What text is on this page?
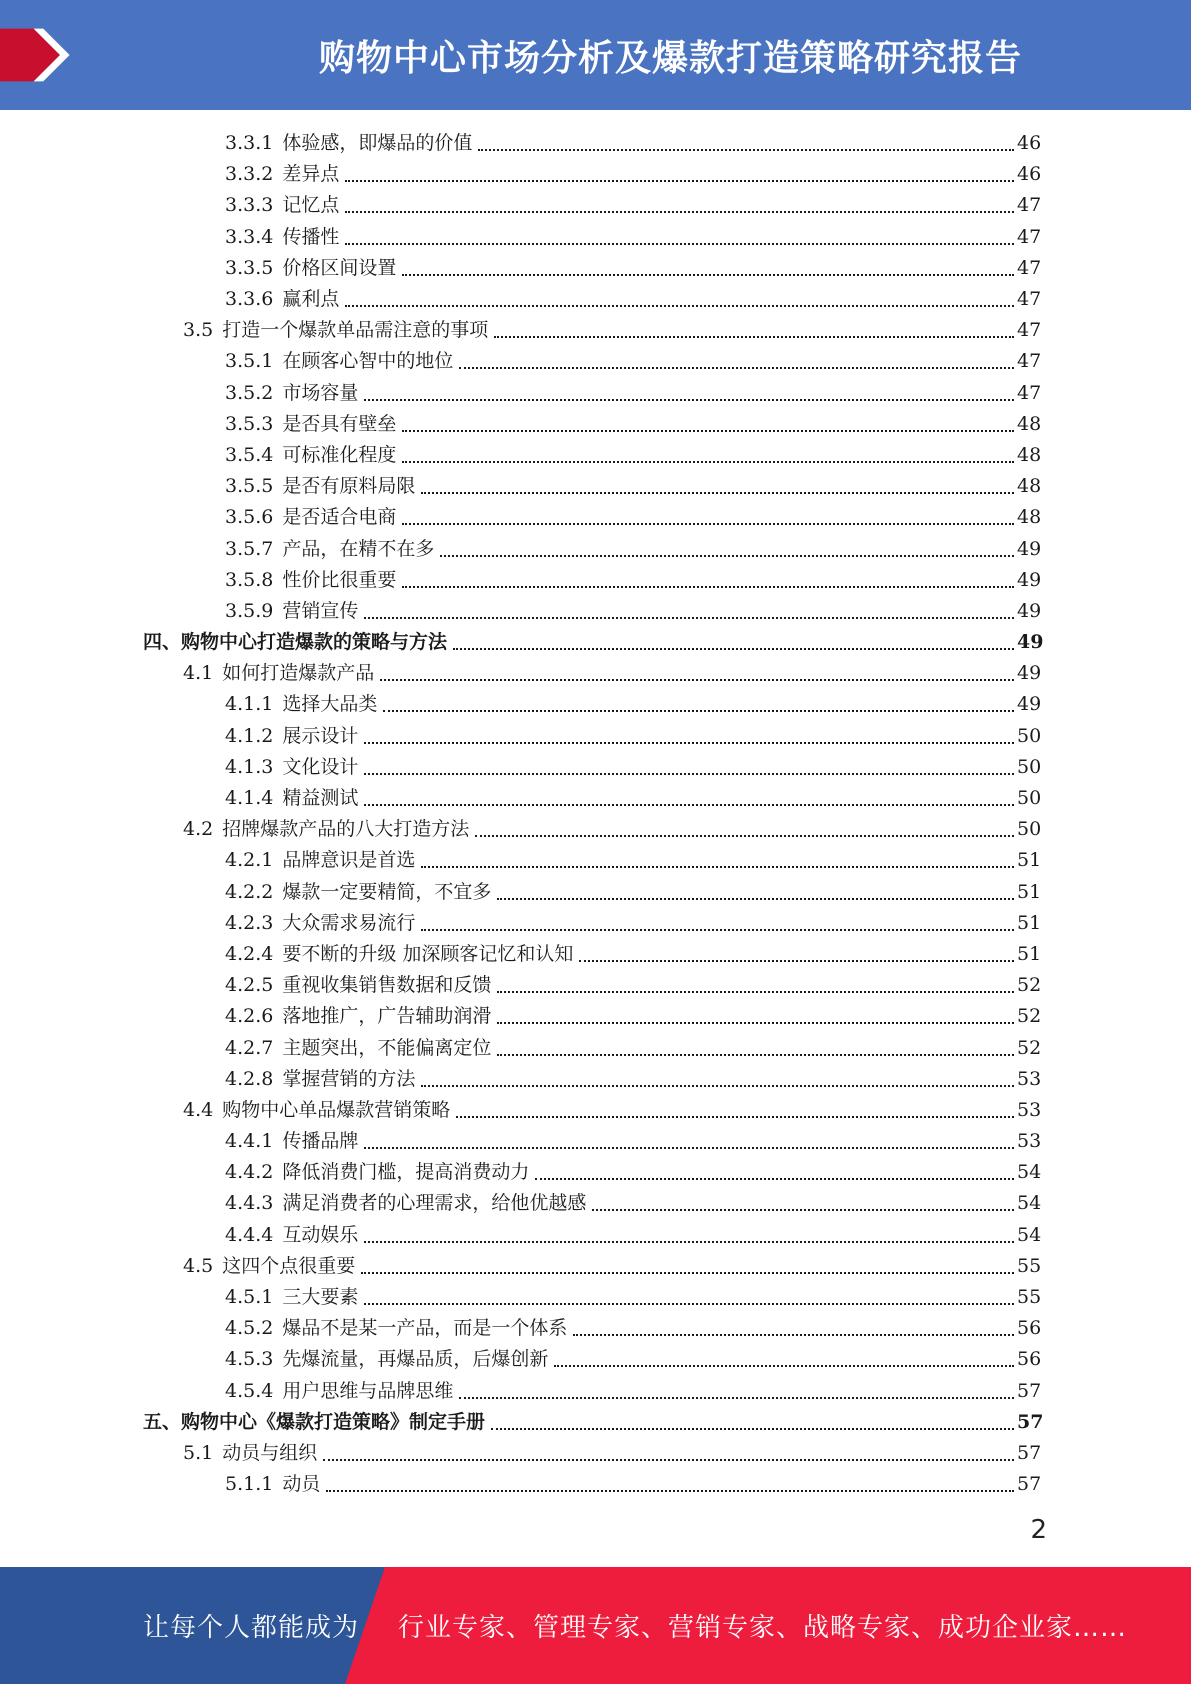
购物中心市场分析及爆款打造策略研究报告
3.3.1 体验感，即爆品的价值	46
3.3.2 差异点	46
3.3.3 记忆点	47
3.3.4 传播性	47
3.3.5 价格区间设置	47
3.3.6 赢利点	47
3.5 打造一个爆款单品需注意的事项	47
3.5.1 在顾客心智中的地位	47
3.5.2 市场容量	47
3.5.3 是否具有壁垒	48
3.5.4 可标准化程度	48
3.5.5 是否有原料局限	48
3.5.6 是否适合电商	48
3.5.7 产品，在精不在多	49
3.5.8 性价比很重要	49
3.5.9 营销宣传	49
四、 购物中心打造爆款的策略与方法	49
4.1 如何打造爆款产品	49
4.1.1 选择大品类	49
4.1.2 展示设计	50
4.1.3 文化设计	50
4.1.4 精益测试	50
4.2 招牌爆款产品的八大打造方法	50
4.2.1 品牌意识是首选	51
4.2.2 爆款一定要精简，不宜多	51
4.2.3 大众需求易流行	51
4.2.4 要不断的升级 加深顾客记忆和认知	51
4.2.5 重视收集销售数据和反馈	52
4.2.6 落地推广，广告辅助润滑	52
4.2.7 主题突出，不能偏离定位	52
4.2.8 掌握营销的方法	53
4.4 购物中心单品爆款营销策略	53
4.4.1 传播品牌	53
4.4.2 降低消费门槛，提高消费动力	54
4.4.3 满足消费者的心理需求，给他优越感	54
4.4.4 互动娱乐	54
4.5 这四个点很重要	55
4.5.1 三大要素	55
4.5.2 爆品不是某一产品，而是一个体系	56
4.5.3 先爆流量，再爆品质，后爆创新	56
4.5.4 用户思维与品牌思维	57
五、 购物中心《爆款打造策略》制定手册	57
5.1 动员与组织	57
5.1.1 动员	57
2
让每个人都能成为 行业专家、管理专家、营销专家、战略专家、成功企业家……
